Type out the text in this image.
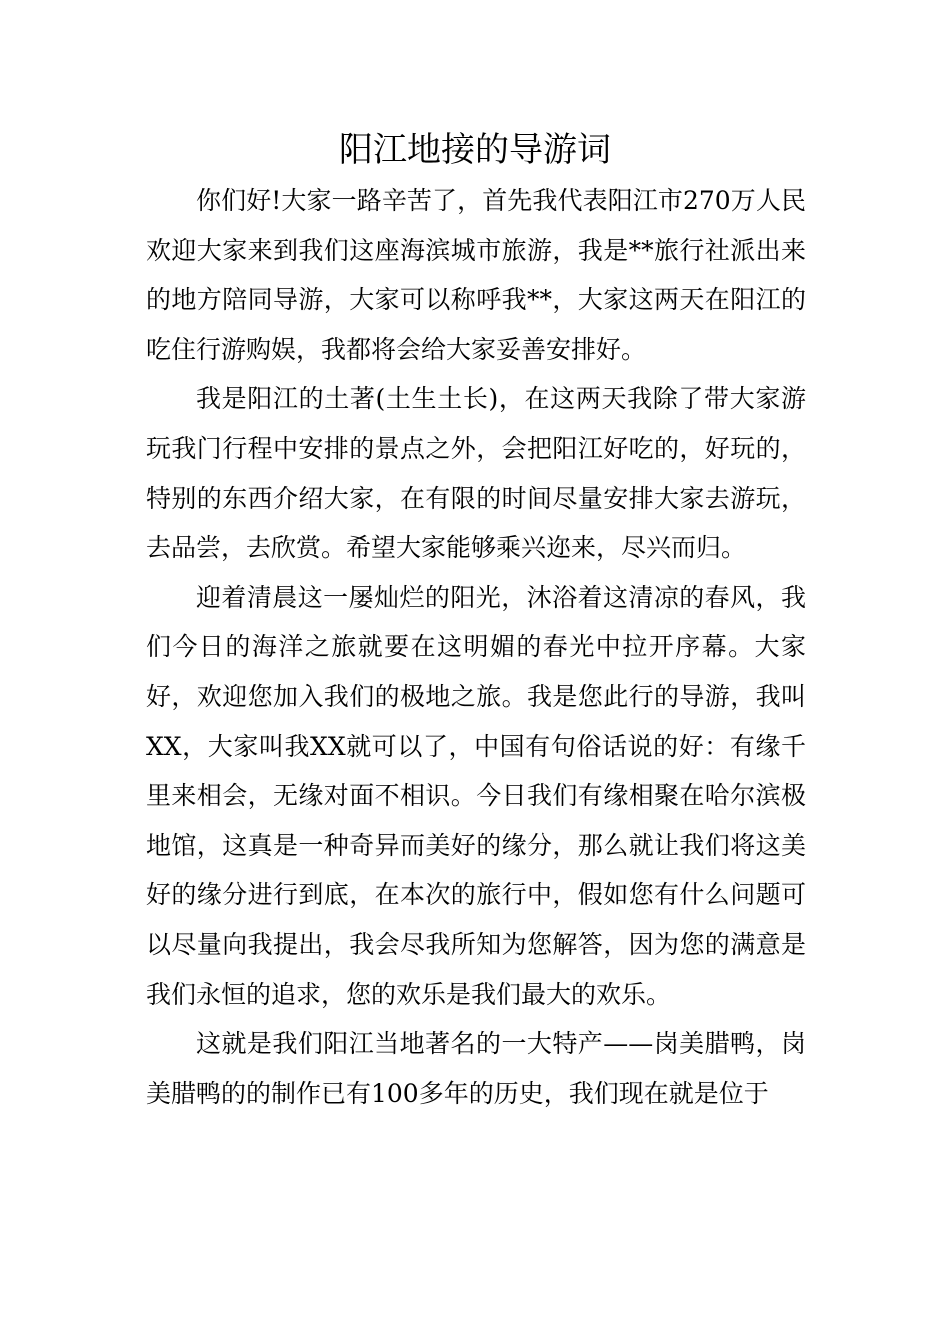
阳江地接的导游词

你们好!大家一路辛苦了，首先我代表阳江市270万人民欢迎大家来到我们这座海滨城市旅游，我是**旅行社派出来的地方陪同导游，大家可以称呼我**，大家这两天在阳江的吃住行游购娱，我都将会给大家妥善安排好。

我是阳江的土著(土生土长)，在这两天我除了带大家游玩我门行程中安排的景点之外，会把阳江好吃的，好玩的，特别的东西介绍大家，在有限的时间尽量安排大家去游玩，去品尝，去欣赏。希望大家能够乘兴迩来，尽兴而归。

迎着清晨这一屡灿烂的阳光，沐浴着这清凉的春风，我们今日的海洋之旅就要在这明媚的春光中拉开序幕。大家好，欢迎您加入我们的极地之旅。我是您此行的导游，我叫XX，大家叫我XX就可以了，中国有句俗话说的好：有缘千里来相会，无缘对面不相识。今日我们有缘相聚在哈尔滨极地馆，这真是一种奇异而美好的缘分，那么就让我们将这美好的缘分进行到底，在本次的旅行中，假如您有什么问题可以尽量向我提出，我会尽我所知为您解答，因为您的满意是我们永恒的追求，您的欢乐是我们最大的欢乐。

这就是我们阳江当地著名的一大特产——岗美腊鸭，岗美腊鸭的的制作已有100多年的历史，我们现在就是位于
